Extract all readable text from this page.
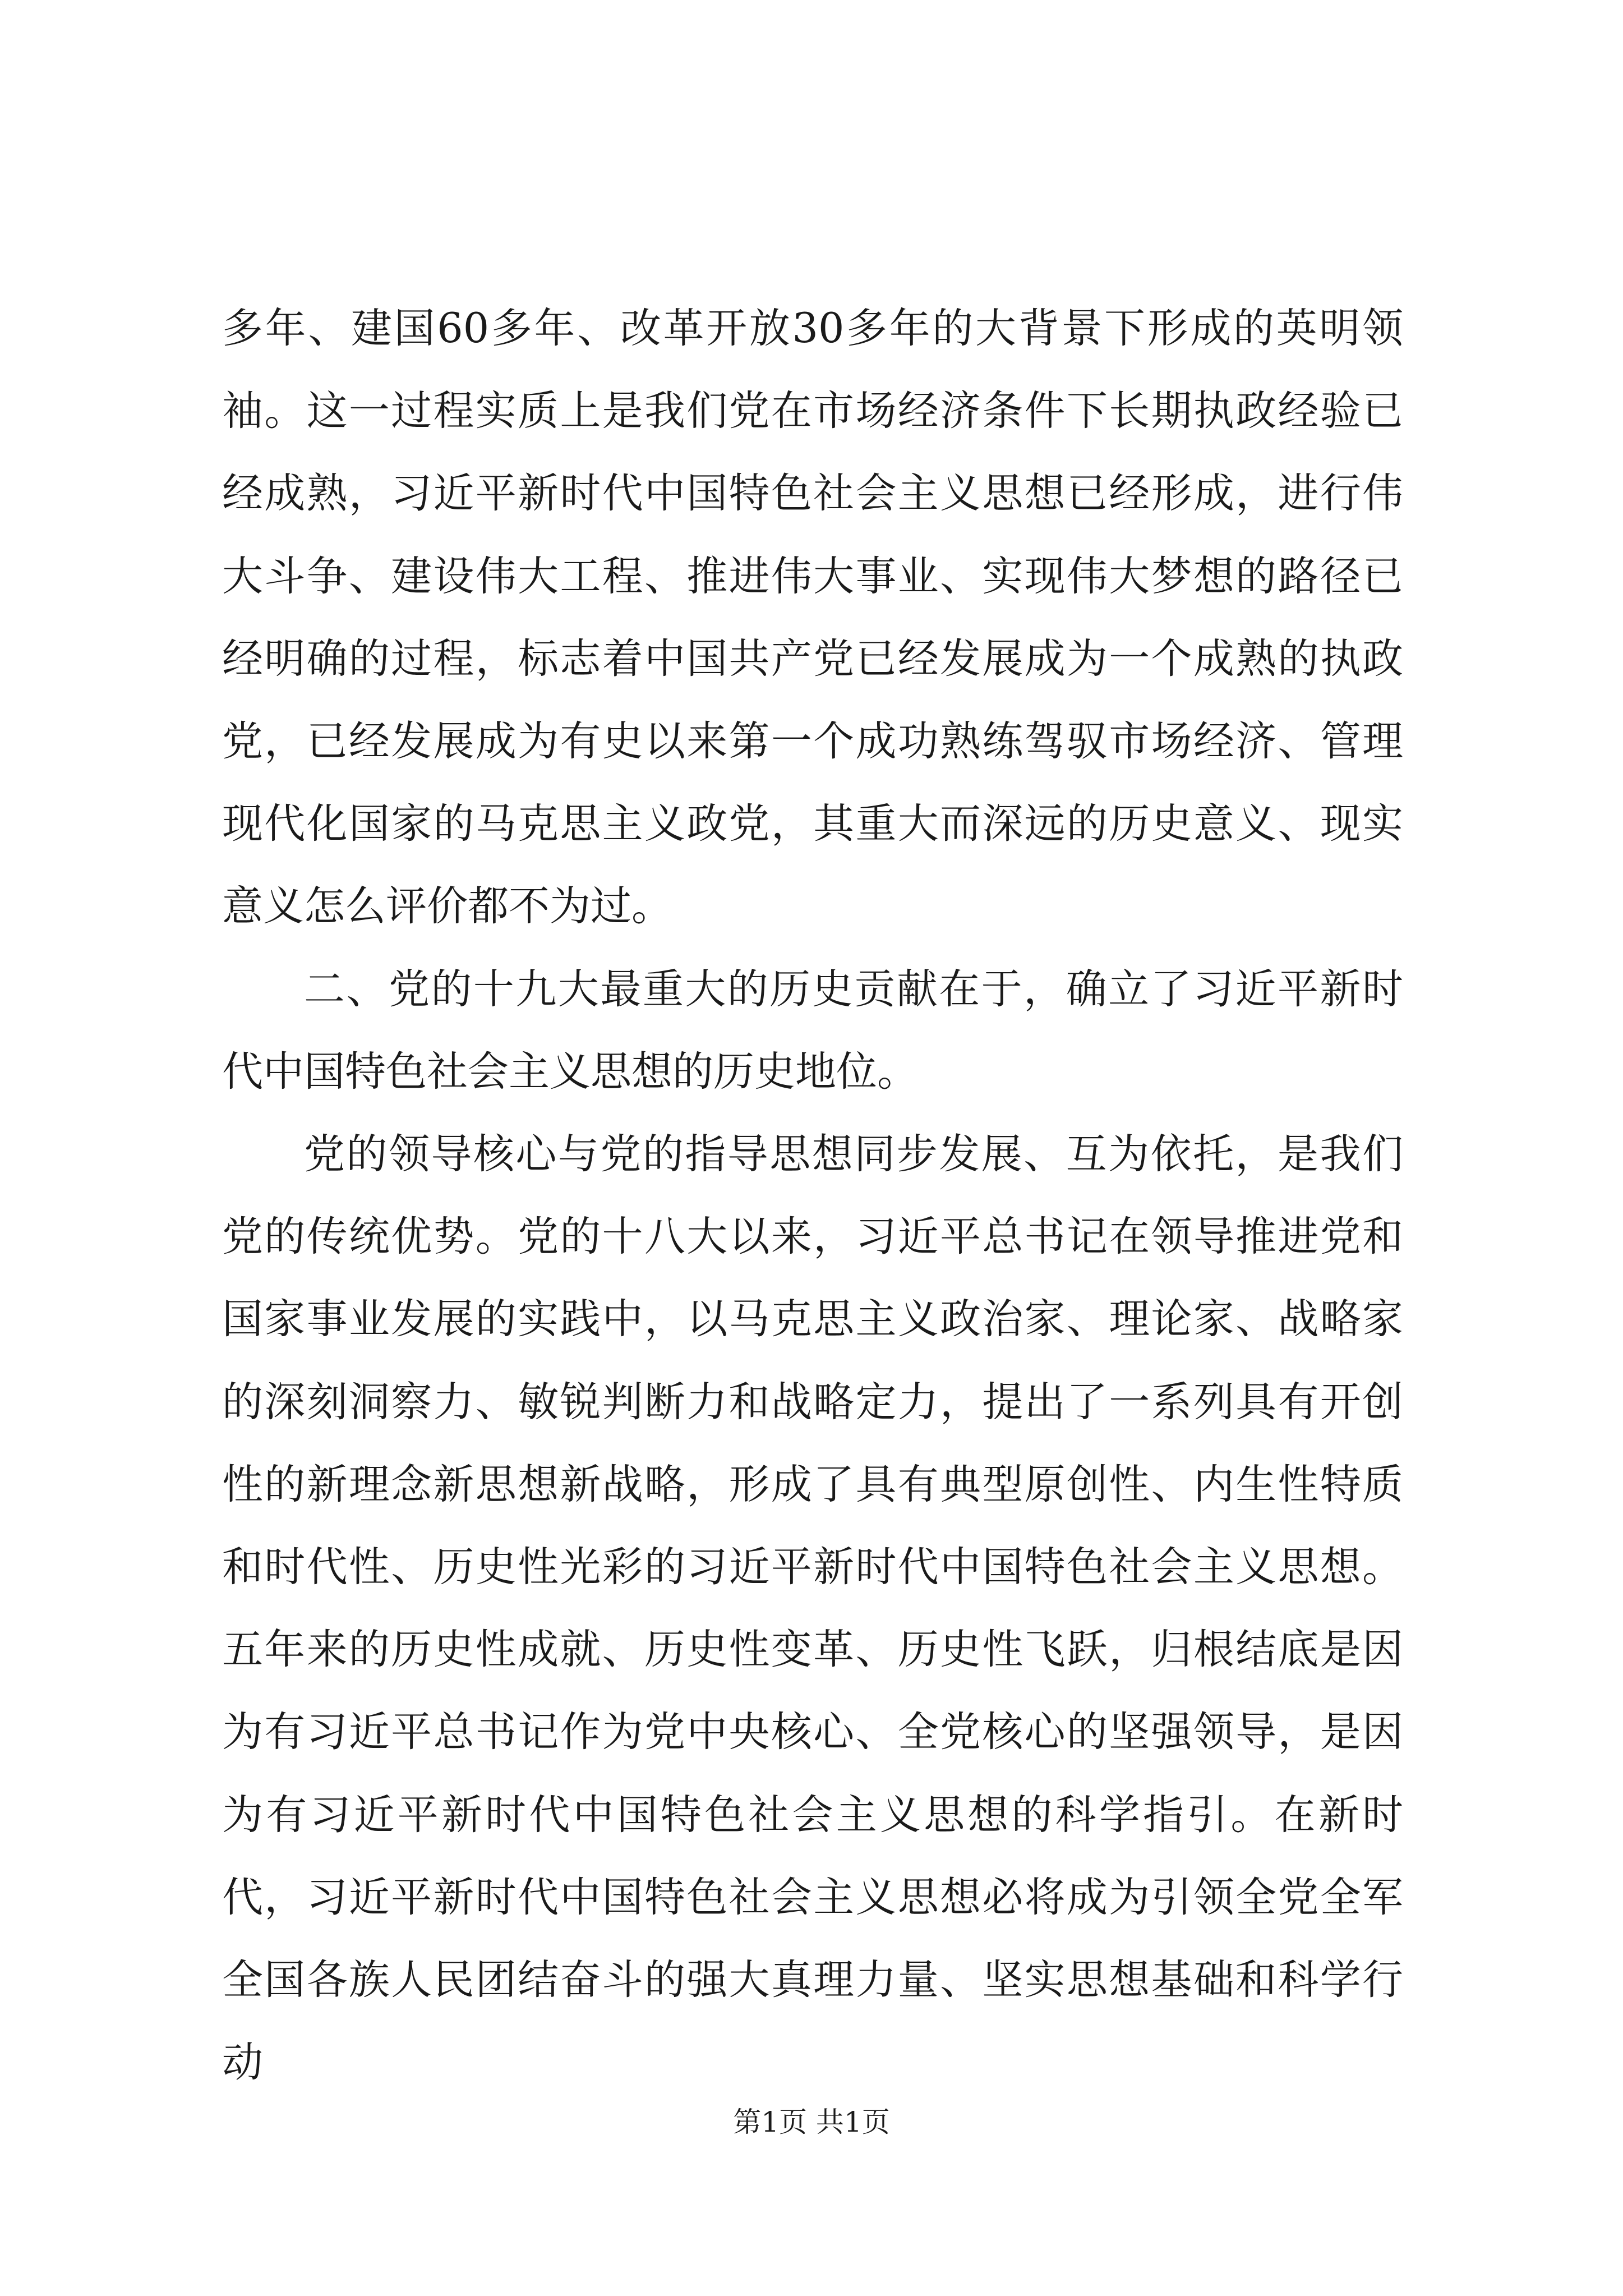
多年、建国60多年、改革开放30多年的大背景下形成的英明领袖。这一过程实质上是我们党在市场经济条件下长期执政经验已经成熟，习近平新时代中国特色社会主义思想已经形成，进行伟大斗争、建设伟大工程、推进伟大事业、实现伟大梦想的路径已经明确的过程，标志着中国共产党已经发展成为一个成熟的执政党，已经发展成为有史以来第一个成功熟练驾驭市场经济、管理现代化国家的马克思主义政党，其重大而深远的历史意义、现实意义怎么评价都不为过。

二、党的十九大最重大的历史贡献在于，确立了习近平新时代中国特色社会主义思想的历史地位。

党的领导核心与党的指导思想同步发展、互为依托，是我们党的传统优势。党的十八大以来，习近平总书记在领导推进党和国家事业发展的实践中，以马克思主义政治家、理论家、战略家的深刻洞察力、敏锐判断力和战略定力，提出了一系列具有开创性的新理念新思想新战略，形成了具有典型原创性、内生性特质和时代性、历史性光彩的习近平新时代中国特色社会主义思想。五年来的历史性成就、历史性变革、历史性飞跃，归根结底是因为有习近平总书记作为党中央核心、全党核心的坚强领导，是因为有习近平新时代中国特色社会主义思想的科学指引。在新时代，习近平新时代中国特色社会主义思想必将成为引领全党全军全国各族人民团结奋斗的强大真理力量、坚实思想基础和科学行动

第1页 共1页
